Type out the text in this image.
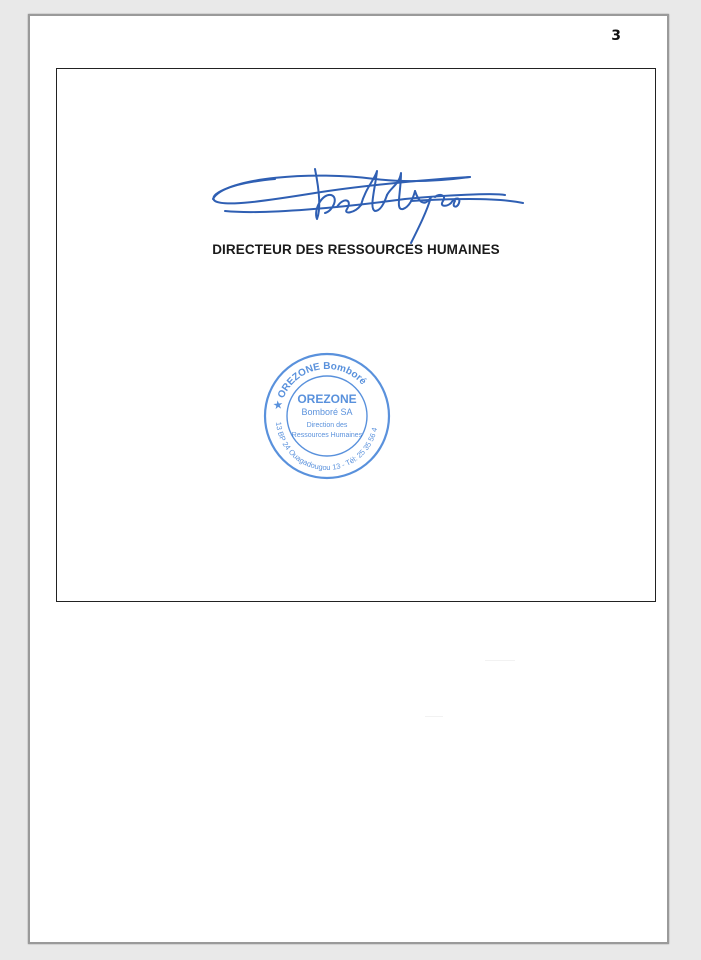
3
DIRECTEUR DES RESSOURCES HUMAINES
★ OREZONE Bomboré
13 BP 24 Ouagadougou 13 - Tél: 25 35 56 4
OREZONE
Bomboré SA
Direction des
Ressources Humaines
